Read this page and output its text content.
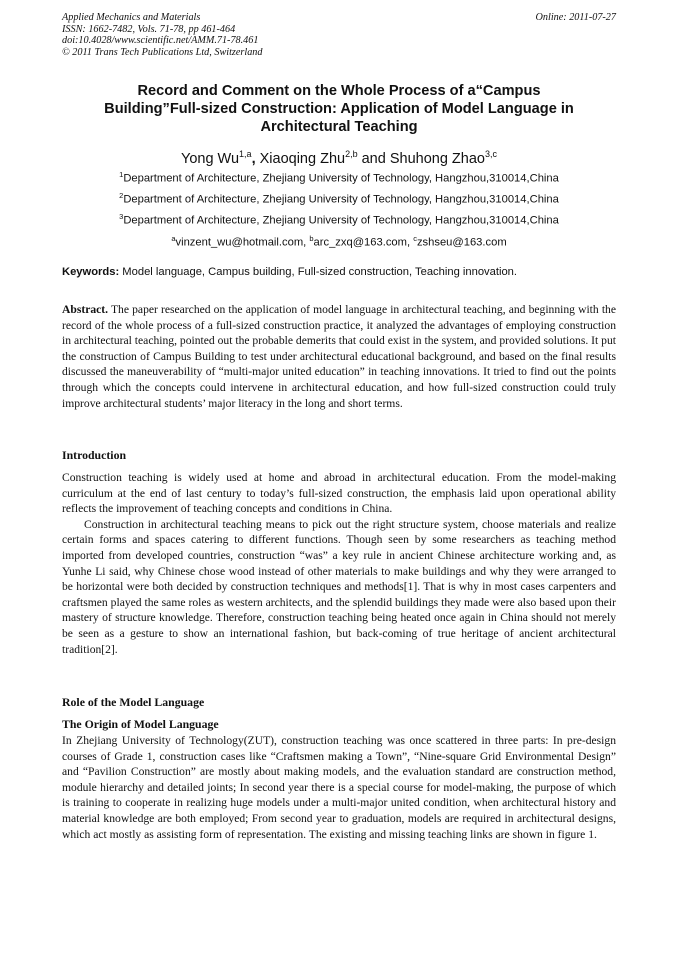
Applied Mechanics and Materials
ISSN: 1662-7482, Vols. 71-78, pp 461-464
doi:10.4028/www.scientific.net/AMM.71-78.461
© 2011 Trans Tech Publications Ltd, Switzerland
Online: 2011-07-27
Record and Comment on the Whole Process of a“Campus
Building”Full-sized Construction: Application of Model Language in
Architectural Teaching
Yong Wu$^{1,a}$, Xiaoqing Zhu$^{2,b}$ and Shuhong Zhao$^{3,c}$
$^1$Department of Architecture, Zhejiang University of Technology, Hangzhou,310014,China
$^2$Department of Architecture, Zhejiang University of Technology, Hangzhou,310014,China
$^3$Department of Architecture, Zhejiang University of Technology, Hangzhou,310014,China
$^a$vinzent_wu@hotmail.com, $^b$arc_zxq@163.com, $^c$zshseu@163.com
Keywords: Model language, Campus building, Full-sized construction, Teaching innovation.

Abstract. The paper researched on the application of model language in architectural teaching, and beginning with the record of the whole process of a full-sized construction practice, it analyzed the advantages of employing construction in architectural teaching, pointed out the probable demerits that could exist in the system, and provided solutions. It put the construction of Campus Building to test under architectural educational background, and based on the final results discussed the maneuverability of “multi-major united education” in teaching innovations. It tried to find out the points through which the concepts could intervene in architectural education, and how full-sized construction could truly improve architectural students’ major literacy in the long and short terms.

Introduction

Construction teaching is widely used at home and abroad in architectural education. From the model-making curriculum at the end of last century to today’s full-sized construction, the emphasis laid upon operational ability reflects the improvement of teaching concepts and conditions in China.

Construction in architectural teaching means to pick out the right structure system, choose materials and realize certain forms and spaces catering to different functions. Though seen by some researchers as teaching method imported from developed countries, construction “was” a key rule in ancient Chinese architecture working and, as Yunhe Li said, why Chinese chose wood instead of other materials to make buildings and why they were arranged to be horizontal were both decided by construction techniques and methods[1]. That is why in most cases carpenters and craftsmen played the same roles as western architects, and the splendid buildings they made were also based upon their mastery of structure knowledge. Therefore, construction teaching being heated once again in China should not merely be seen as a gesture to show an international fashion, but back-coming of true heritage of ancient architectural tradition[2].

Role of the Model Language
The Origin of Model Language

In Zhejiang University of Technology(ZUT), construction teaching was once scattered in three parts: In pre-design courses of Grade 1, construction cases like “Craftsmen making a Town”, “Nine-square Grid Environmental Design” and “Pavilion Construction” are mostly about making models, and the evaluation standard are construction method, module hierarchy and detailed joints; In second year there is a special course for model-making, the purpose of which is training to cooperate in realizing huge models under a multi-major united condition, when architectural history and material knowledge are both employed; From second year to graduation, models are required in architectural designs, which act mostly as assisting form of representation. The existing and missing teaching links are shown in figure 1.
